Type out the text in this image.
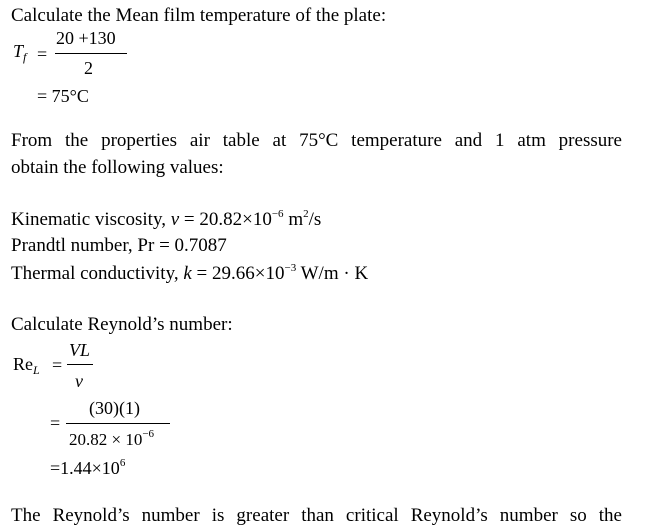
Calculate the Mean film temperature of the plate:
$T_f$ =
20 +130
2
= 75°C
From the properties air table at 75°C temperature and 1 atm pressure
obtain the following values:
Kinematic viscosity, $v = 20.82\times 10^{-6}$ $m^2/s$
Prandtl number, Pr = 0.7087
Thermal conductivity, $k = 29.66\times 10^{-3}$ W/m · K
Calculate Reynold’s number:
$Re_L$ =
VL
v
=
(30)(1)
$20.82 \times 10^{-6}$
$=1.44\times 10^6$
The Reynold’s number is greater than critical Reynold’s number so the
